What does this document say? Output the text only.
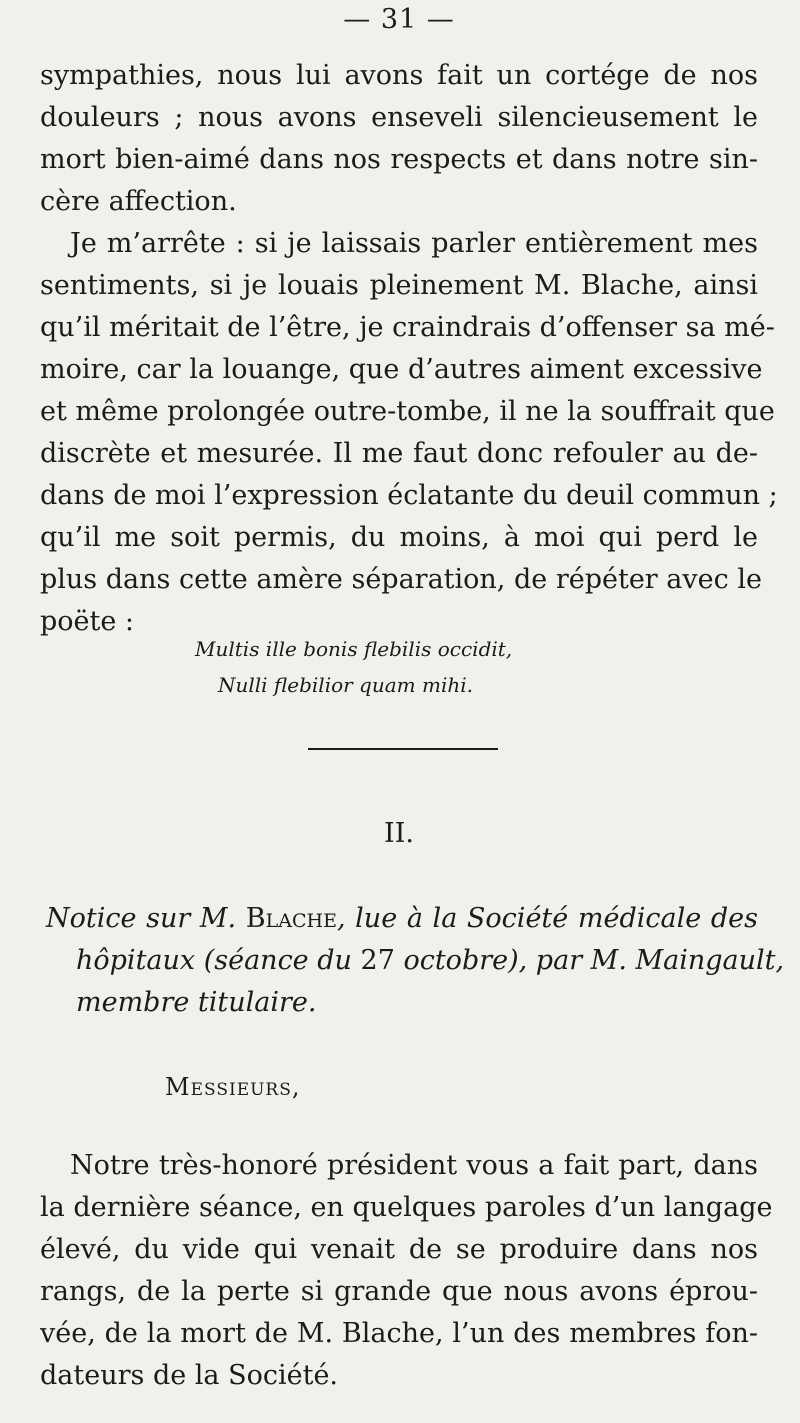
— 31 —
sympathies, nous lui avons fait un cortége de nos
douleurs ; nous avons enseveli silencieusement le
mort bien-aimé dans nos respects et dans notre sin-
cère affection.
Je m’arrête : si je laissais parler entièrement mes
sentiments, si je louais pleinement M. Blache, ainsi
qu’il méritait de l’être, je craindrais d’offenser sa mé-
moire, car la louange, que d’autres aiment excessive
et même prolongée outre-tombe, il ne la souffrait que
discrète et mesurée. Il me faut donc refouler au de-
dans de moi l’expression éclatante du deuil commun ;
qu’il me soit permis, du moins, à moi qui perd le
plus dans cette amère séparation, de répéter avec le
poëte :
Multis ille bonis flebilis occidit,
Nulli flebilior quam mihi.
II.
Notice sur M. Blache, lue à la Société médicale des
hôpitaux (séance du 27 octobre), par M. Maingault,
membre titulaire.
Messieurs,
Notre très-honoré président vous a fait part, dans
la dernière séance, en quelques paroles d’un langage
élevé, du vide qui venait de se produire dans nos
rangs, de la perte si grande que nous avons éprou-
vée, de la mort de M. Blache, l’un des membres fon-
dateurs de la Société.
